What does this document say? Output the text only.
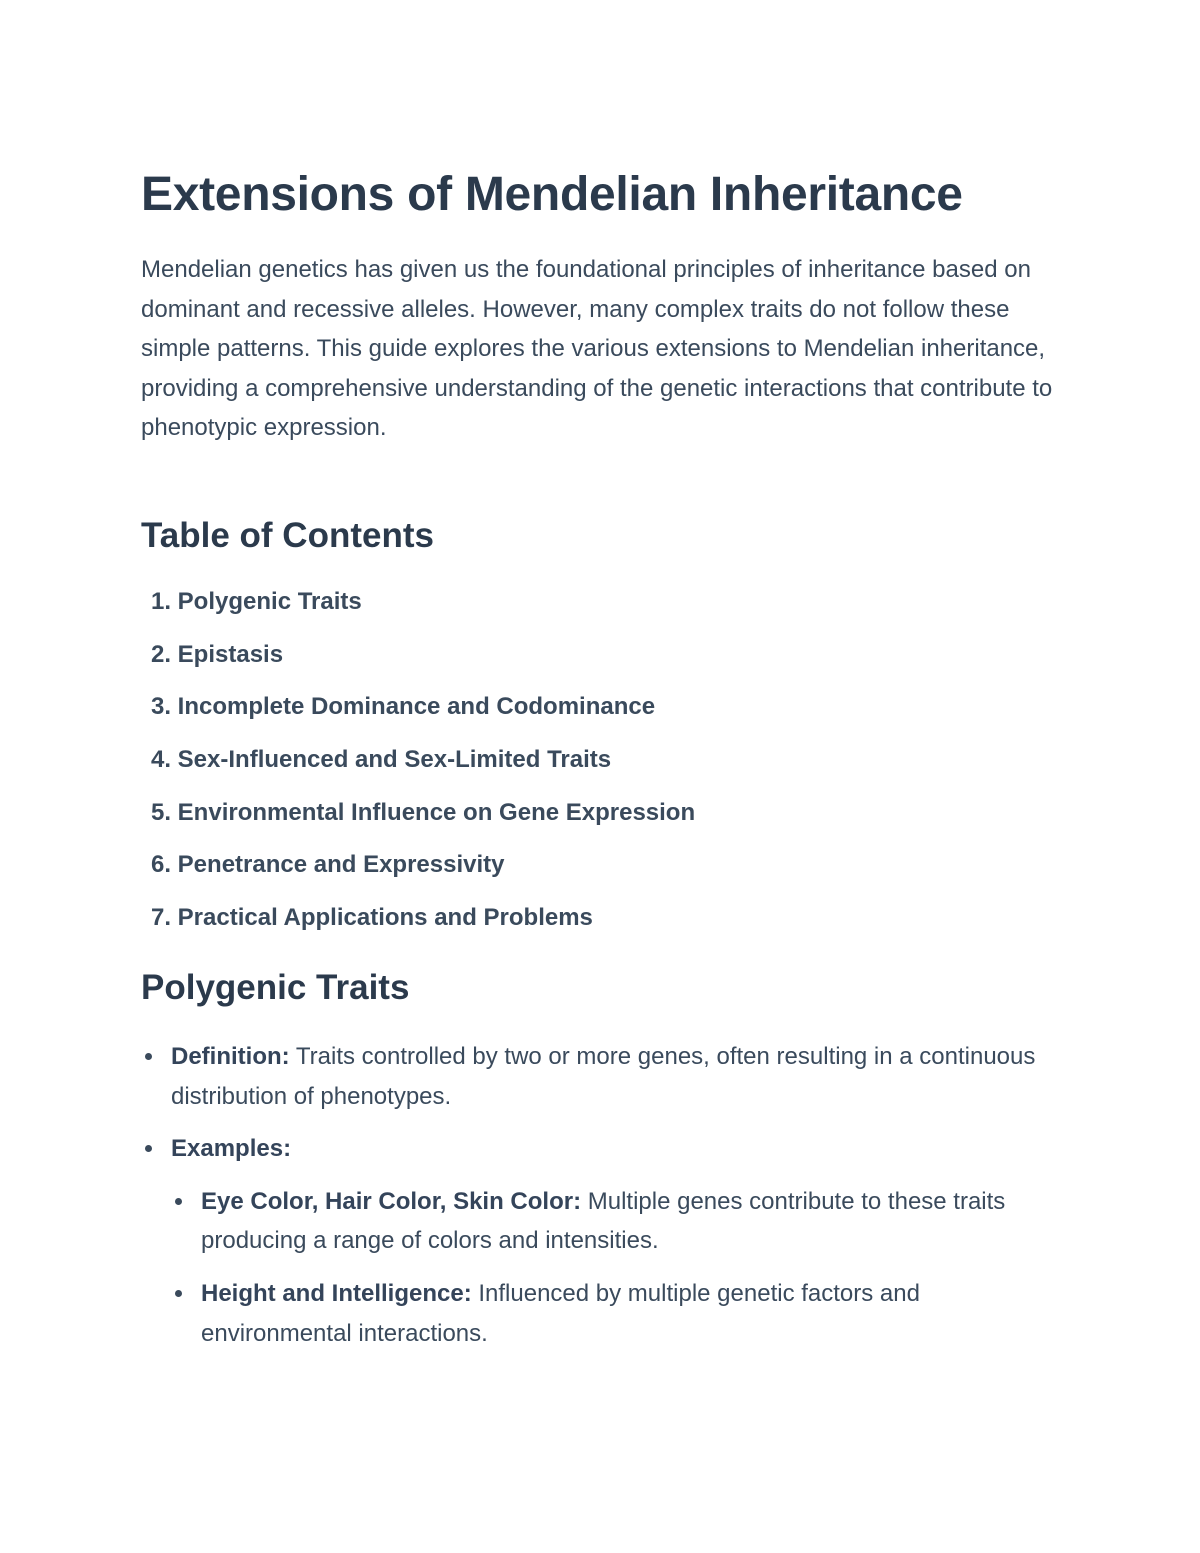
Extensions of Mendelian Inheritance

Mendelian genetics has given us the foundational principles of inheritance based on dominant and recessive alleles. However, many complex traits do not follow these simple patterns. This guide explores the various extensions to Mendelian inheritance, providing a comprehensive understanding of the genetic interactions that contribute to phenotypic expression.

Table of Contents
1. Polygenic Traits
2. Epistasis
3. Incomplete Dominance and Codominance
4. Sex-Influenced and Sex-Limited Traits
5. Environmental Influence on Gene Expression
6. Penetrance and Expressivity
7. Practical Applications and Problems
Polygenic Traits
Definition: Traits controlled by two or more genes, often resulting in a continuous distribution of phenotypes.
Examples:
Eye Color, Hair Color, Skin Color: Multiple genes contribute to these traits producing a range of colors and intensities.
Height and Intelligence: Influenced by multiple genetic factors and environmental interactions.
